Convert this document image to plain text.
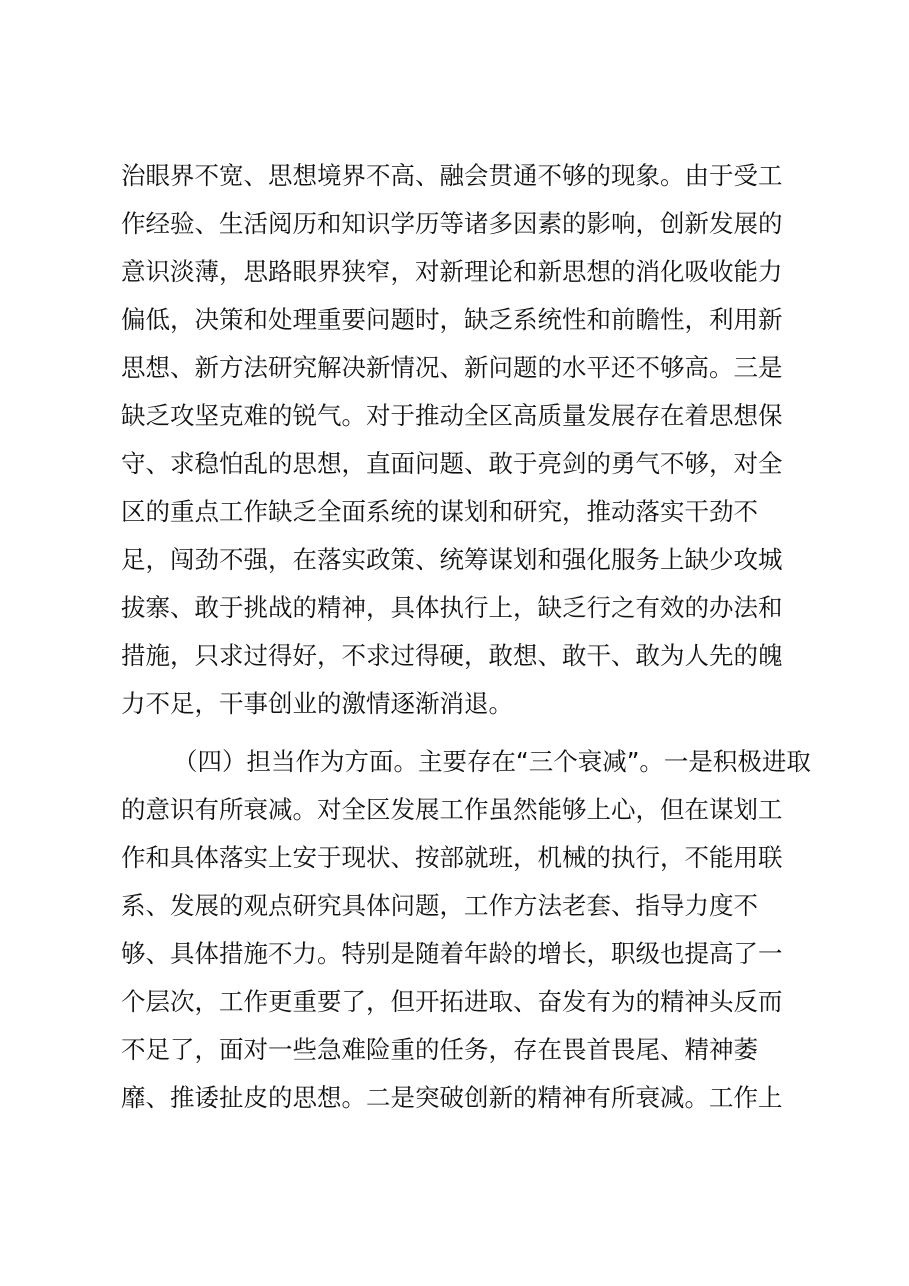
治眼界不宽、思想境界不高、融会贯通不够的现象。由于受工
作经验、生活阅历和知识学历等诸多因素的影响，创新发展的
意识淡薄，思路眼界狭窄，对新理论和新思想的消化吸收能力
偏低，决策和处理重要问题时，缺乏系统性和前瞻性，利用新
思想、新方法研究解决新情况、新问题的水平还不够高。三是
缺乏攻坚克难的锐气。对于推动全区高质量发展存在着思想保
守、求稳怕乱的思想，直面问题、敢于亮剑的勇气不够，对全
区的重点工作缺乏全面系统的谋划和研究，推动落实干劲不
足，闯劲不强，在落实政策、统筹谋划和强化服务上缺少攻城
拔寨、敢于挑战的精神，具体执行上，缺乏行之有效的办法和
措施，只求过得好，不求过得硬，敢想、敢干、敢为人先的魄
力不足，干事创业的激情逐渐消退。
（四）担当作为方面。主要存在“三个衰减”。一是积极进取
的意识有所衰减。对全区发展工作虽然能够上心，但在谋划工
作和具体落实上安于现状、按部就班，机械的执行，不能用联
系、发展的观点研究具体问题，工作方法老套、指导力度不
够、具体措施不力。特别是随着年龄的增长，职级也提高了一
个层次，工作更重要了，但开拓进取、奋发有为的精神头反而
不足了，面对一些急难险重的任务，存在畏首畏尾、精神萎
靡、推诿扯皮的思想。二是突破创新的精神有所衰减。工作上
